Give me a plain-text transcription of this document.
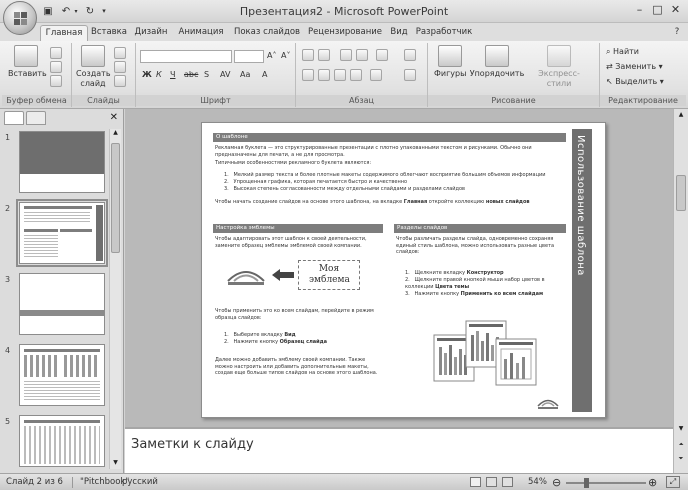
▣ ↶ ▾ ↻	▾	Презентация2 - Microsoft PowerPoint	– □ ✕
Главная	Вставка Дизайн	Анимация	Показ слайдов Рецензирование Вид Разработчик	?
Вставить
Буфер обмена
Создать слайд
Слайды
A˄ A˅
Ж К Ч abc S AV Aa A
Шрифт	Абзац
Фигуры Упорядочить	Экспресс-стили
Рисование
⌕ Найти
⇄ Заменить ▾
↖ Выделить ▾
Редактирование
✕
1
2
3
4
5
▲
▼
О шаблоне
Рекламная буклета — это структурированные презентации с плотно упакованными текстом и рисунками. Обычно они предназначены для печати, а не для просмотра.
Типичными особенностями рекламного буклета являются:
1.   Мелкий размер текста и более плотные макеты содержимого облегчают восприятие большим объемов информации
2.   Упрощенная графика, которая печатается быстро и качественно
3.   Высокая степень согласованности между отдельными слайдами и разделами слайдов
Чтобы начать создание слайдов на основе этого шаблона, на вкладке Главная откройте коллекцию новых слайдов
Настройка эмблемы
Чтобы адаптировать этот шаблон к своей деятельности, замените образец эмблемы эмблемой своей компании.
Моя эмблема
Чтобы применить это ко всем слайдам, перейдите в режим образца слайдов:
1.   Выберите вкладку Вид
2.   Нажмите кнопку Образец слайда
Далее можно добавить эмблему своей компании. Также можно настроить или добавить дополнительные макеты, создав еще больше типов слайдов на основе этого шаблона.
Разделы слайдов
Чтобы различать разделы слайда, одновременно сохраняя единый стиль шаблона, можно использовать разные цвета слайдов:
1.   Щелкните вкладку Конструктор
2.   Щелкните правой кнопкой мыши набор цветов в коллекции Цвета темы
3.   Нажмите кнопку Применить ко всем слайдам
Использование шаблона
▲
▼
⏶
⏷
Заметки к слайду
Слайд 2 из 6 "Pitchbook"
русский	54% ⊖	⊕	⤢
